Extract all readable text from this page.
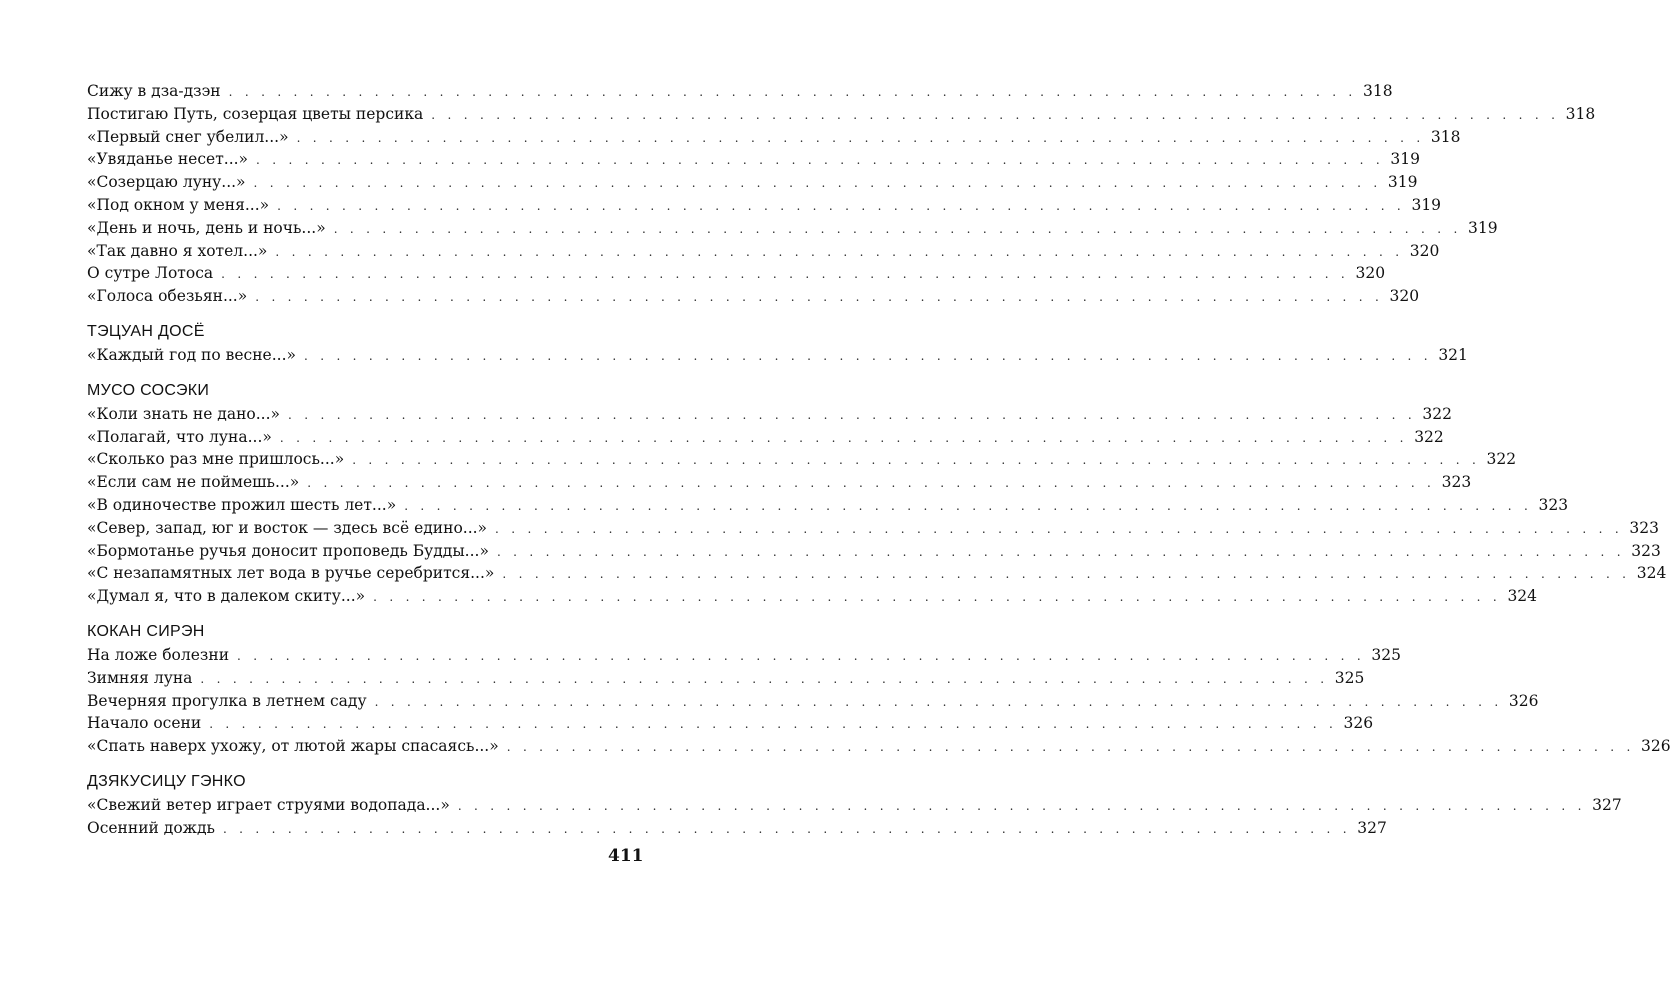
Сижу в дза-дзэн . . .	318
Постигаю Путь, созерцая цветы персика . . .	318
«Первый снег убелил...» . . .	318
«Увяданье несет...» . . .	319
«Созерцаю луну...» . . .	319
«Под окном у меня...» . . .	319
«День и ночь, день и ночь...» . . .	319
«Так давно я хотел...» . . .	320
О сутре Лотоса . . .	320
«Голоса обезьян...» . . .	320
ТЭЦУАН ДОСЁ
«Каждый год по весне...» . . .	321
МУСО СОСЭКИ
«Коли знать не дано...» . . .	322
«Полагай, что луна...» . . .	322
«Сколько раз мне пришлось...» . . .	322
«Если сам не поймешь...» . . .	323
«В одиночестве прожил шесть лет...» . . .	323
«Север, запад, юг и восток — здесь всё едино...» . . .	323
«Бормотанье ручья доносит проповедь Будды...» . . .	323
«С незапамятных лет вода в ручье серебрится...» . . .	324
«Думал я, что в далеком скиту...» . . .	324
КОКАН СИРЭН
На ложе болезни . . .	325
Зимняя луна . . .	325
Вечерняя прогулка в летнем саду . . .	326
Начало осени . . .	326
«Спать наверх ухожу, от лютой жары спасаясь...» . . .	326
ДЗЯКУСИЦУ ГЭНКО
«Свежий ветер играет струями водопада...» . . .	327
Осенний дождь . . .	327
411
